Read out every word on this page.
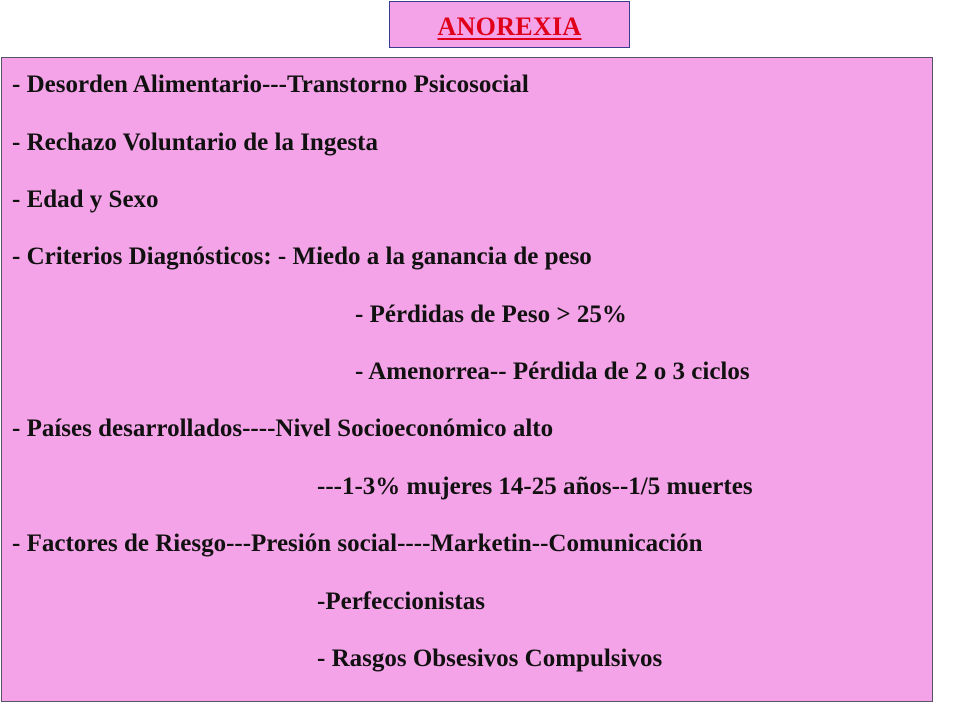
ANOREXIA
- Desorden Alimentario---Transtorno Psicosocial
- Rechazo Voluntario de la Ingesta
- Edad y Sexo
- Criterios Diagnósticos: - Miedo a la ganancia de peso
- Pérdidas de Peso > 25%
- Amenorrea-- Pérdida de 2 o 3 ciclos
- Países desarrollados----Nivel Socioeconómico alto
---1-3% mujeres 14-25 años--1/5 muertes
- Factores de Riesgo---Presión social----Marketin--Comunicación
-Perfeccionistas
- Rasgos Obsesivos Compulsivos
